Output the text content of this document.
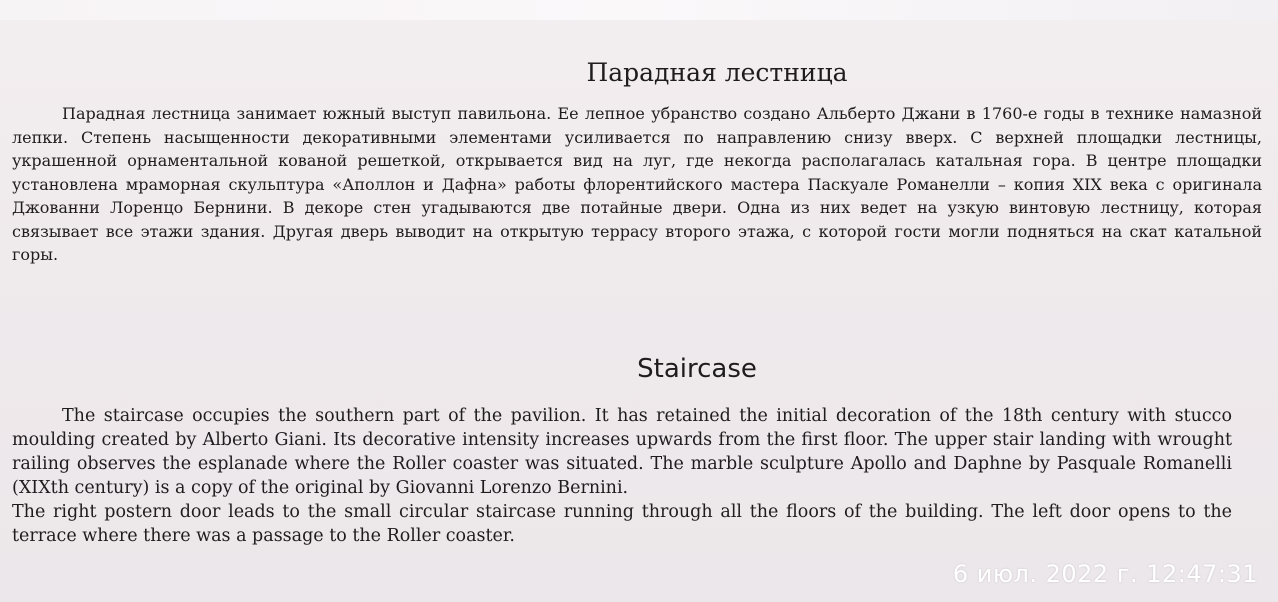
Парадная лестница

Парадная лестница занимает южный выступ павильона. Ее лепное убранство создано Альберто Джани в 1760-е годы в технике намазной лепки. Степень насыщенности декоративными элементами усиливается по направлению снизу вверх. С верхней площадки лестницы, украшенной орнаментальной кованой решеткой, открывается вид на луг, где некогда располагалась катальная гора. В центре площадки установлена мраморная скульптура «Аполлон и Дафна» работы флорентийского мастера Паскуале Романелли – копия XIX века с оригинала Джованни Лоренцо Бернини. В декоре стен угадываются две потайные двери. Одна из них ведет на узкую винтовую лестницу, которая связывает все этажи здания. Другая дверь выводит на открытую террасу второго этажа, с которой гости могли подняться на скат катальной горы.

Staircase

The staircase occupies the southern part of the pavilion. It has retained the initial decoration of the 18th century with stucco moulding created by Alberto Giani. Its decorative intensity increases upwards from the first floor. The upper stair landing with wrought railing observes the esplanade where the Roller coaster was situated. The marble sculpture Apollo and Daphne by Pasquale Romanelli (XIXth century) is a copy of the original by Giovanni Lorenzo Bernini.

The right postern door leads to the small circular staircase running through all the floors of the building. The left door opens to the terrace where there was a passage to the Roller coaster.

6 июл. 2022 г. 12:47:31
